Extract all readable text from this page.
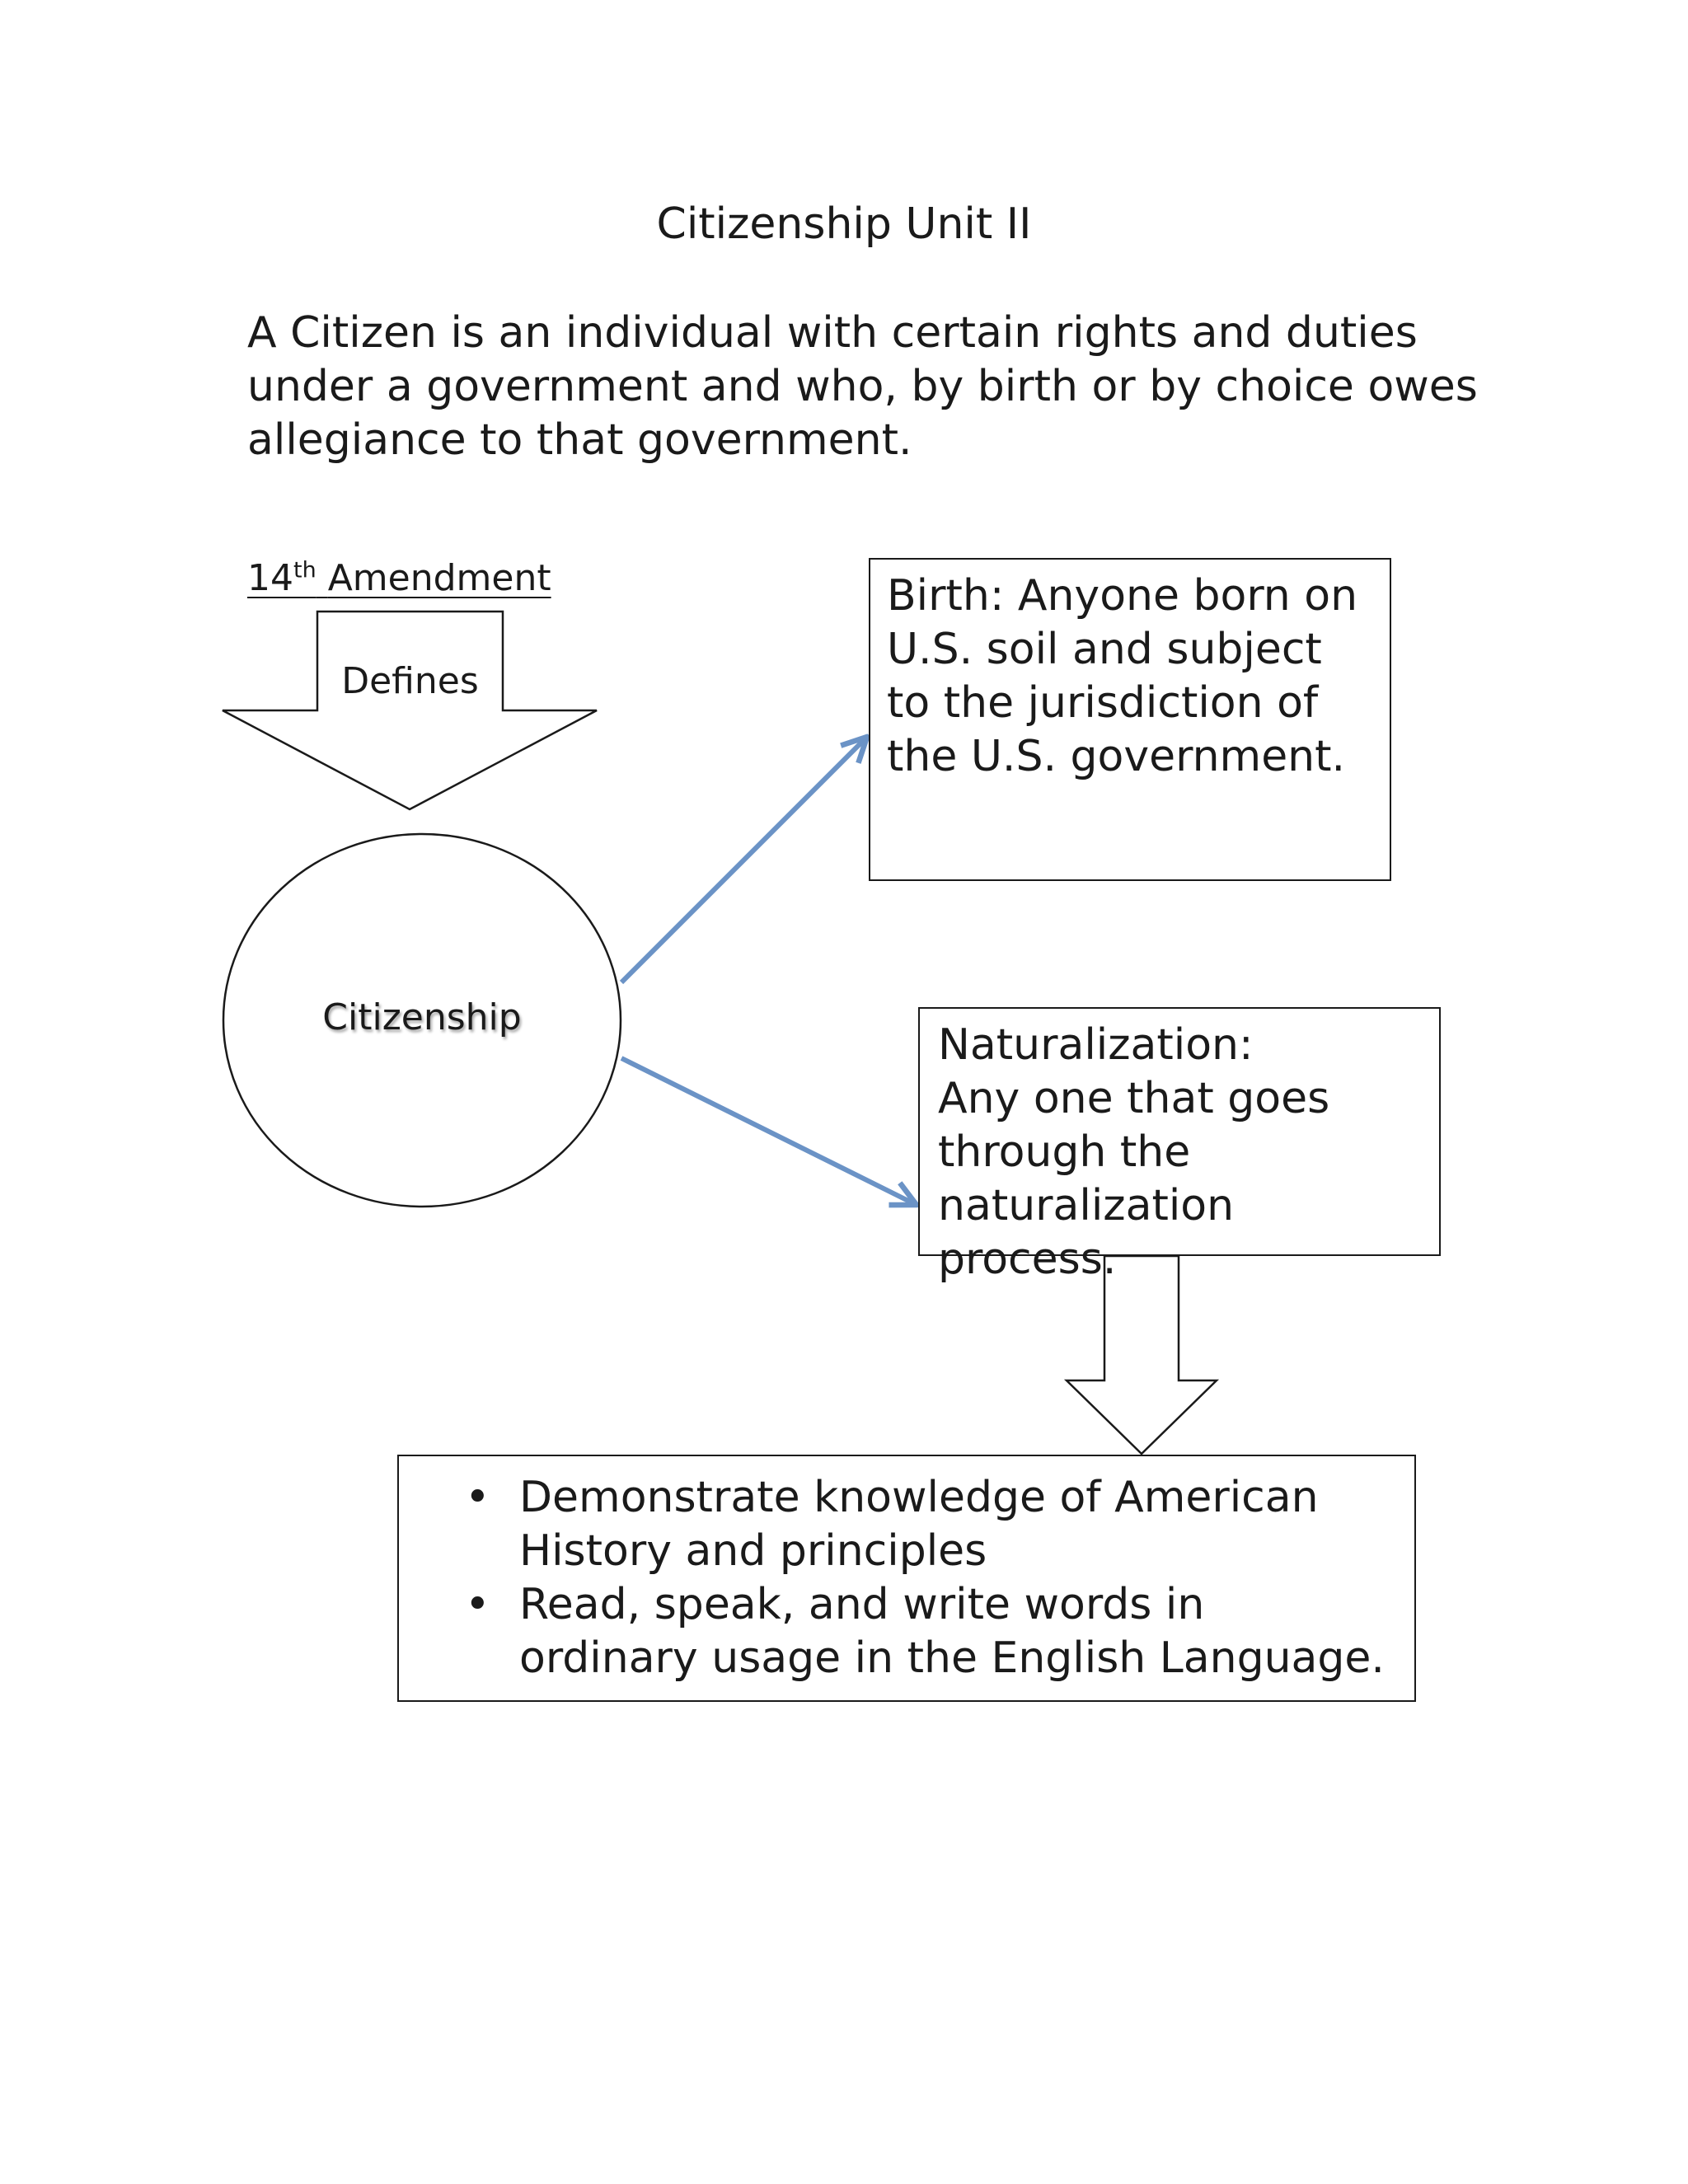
Citizenship Unit II
A Citizen is an individual with certain rights and duties under a government and who, by birth or by choice owes allegiance to that government.
14th Amendment
Defines
Citizenship
Birth: Anyone born on U.S. soil and subject to the jurisdiction of the U.S. government.
Naturalization:
Any one that goes through the naturalization process.
• Demonstrate knowledge of American History and principles
• Read, speak, and write words in ordinary usage in the English Language.
